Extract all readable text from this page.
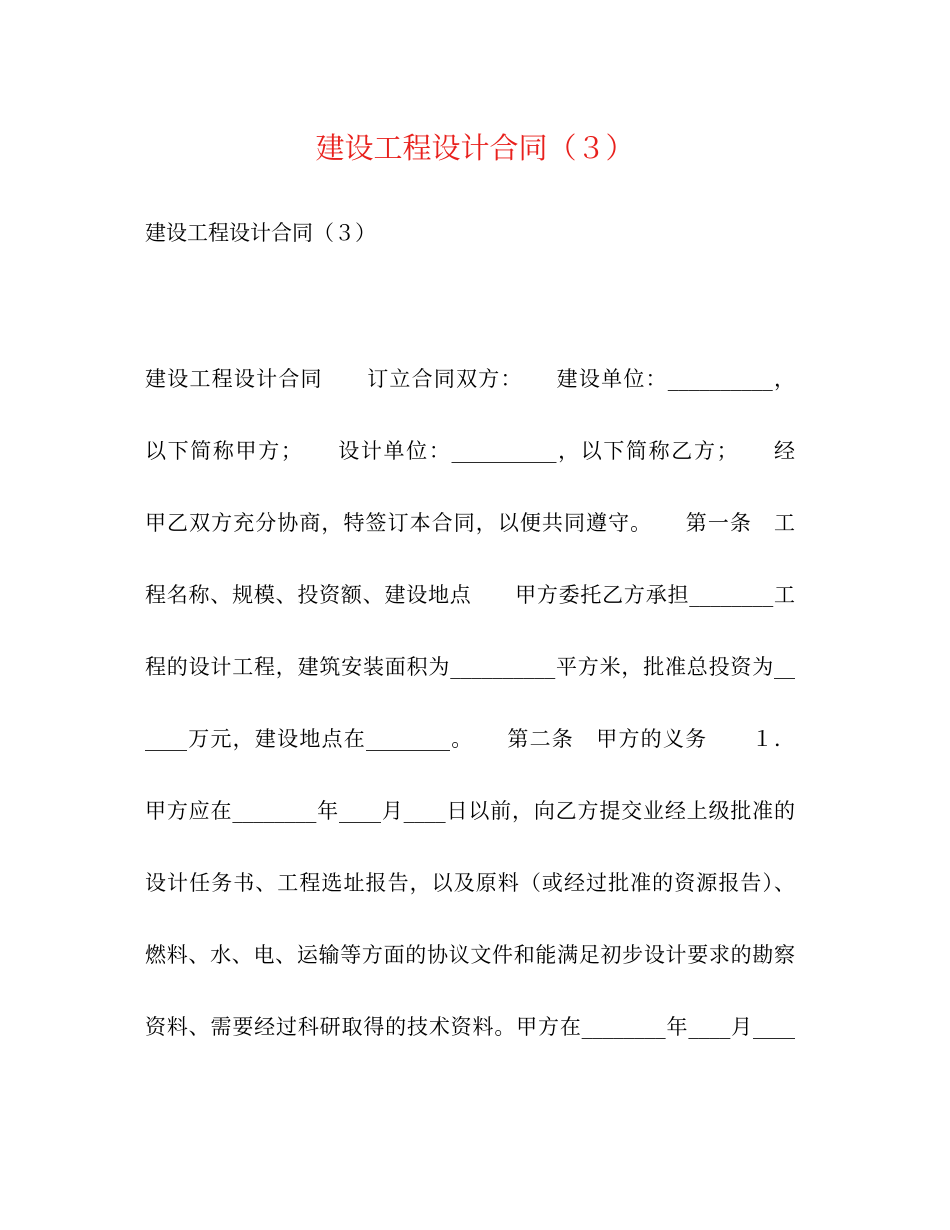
建设工程设计合同（３）

建设工程设计合同（３）

建设工程设计合同　　订立合同双方：　　建设单位：__________，

以下简称甲方；　　设计单位：__________，以下简称乙方；　　经

甲乙双方充分协商，特签订本合同，以便共同遵守。　　第一条　工

程名称、规模、投资额、建设地点　　甲方委托乙方承担________工

程的设计工程，建筑安装面积为__________平方米，批准总投资为__

____万元，建设地点在________。　　第二条　甲方的义务　　１．

甲方应在________年____月____日以前，向乙方提交业经上级批准的

设计任务书、工程选址报告，以及原料（或经过批准的资源报告）、

燃料、水、电、运输等方面的协议文件和能满足初步设计要求的勘察

资料、需要经过科研取得的技术资料。甲方在________年____月____
